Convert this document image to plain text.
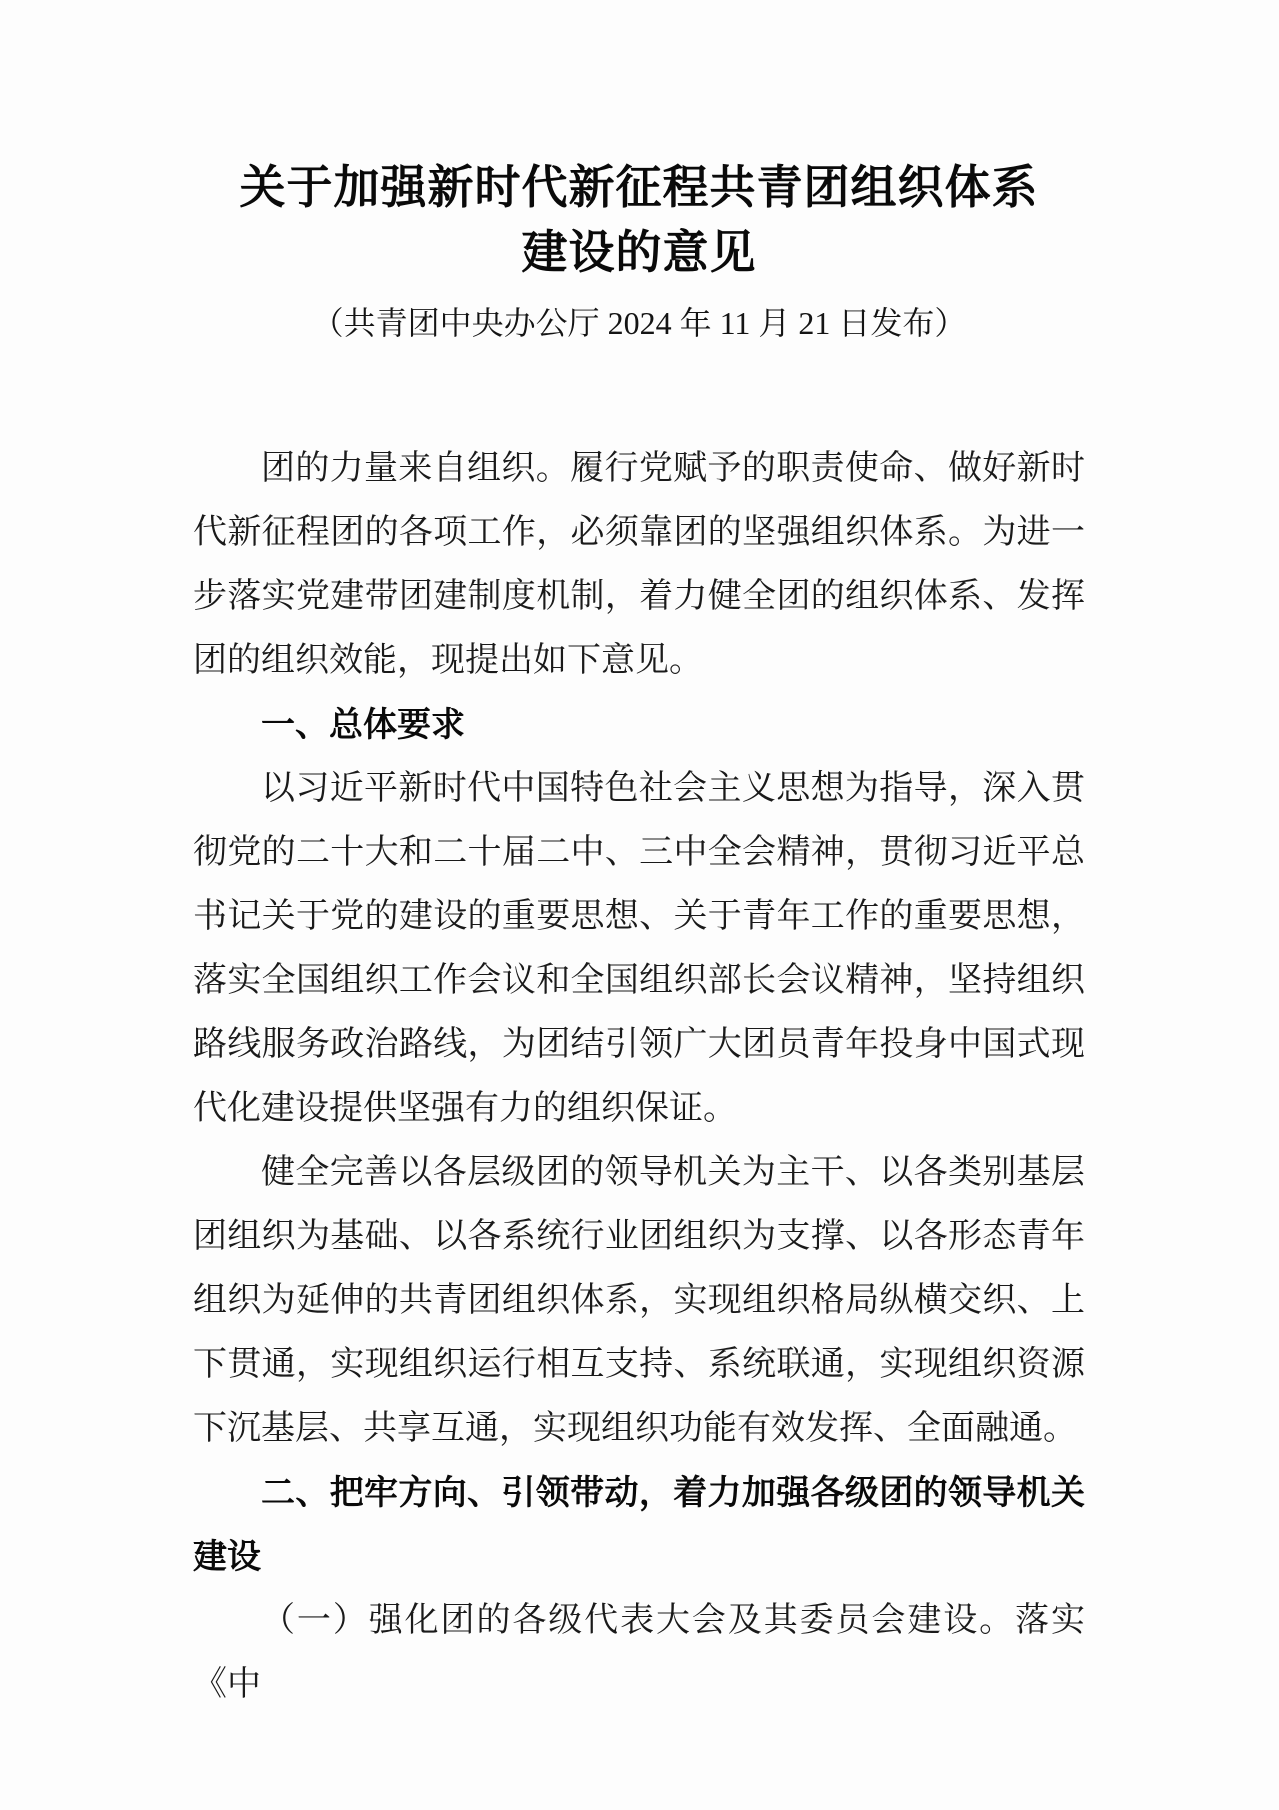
关于加强新时代新征程共青团组织体系
建设的意见
（共青团中央办公厅 2024 年 11 月 21 日发布）

团的力量来自组织。履行党赋予的职责使命、做好新时代新征程团的各项工作，必须靠团的坚强组织体系。为进一步落实党建带团建制度机制，着力健全团的组织体系、发挥团的组织效能，现提出如下意见。

一、总体要求

以习近平新时代中国特色社会主义思想为指导，深入贯彻党的二十大和二十届二中、三中全会精神，贯彻习近平总书记关于党的建设的重要思想、关于青年工作的重要思想，落实全国组织工作会议和全国组织部长会议精神，坚持组织路线服务政治路线，为团结引领广大团员青年投身中国式现代化建设提供坚强有力的组织保证。

健全完善以各层级团的领导机关为主干、以各类别基层团组织为基础、以各系统行业团组织为支撑、以各形态青年组织为延伸的共青团组织体系，实现组织格局纵横交织、上下贯通，实现组织运行相互支持、系统联通，实现组织资源下沉基层、共享互通，实现组织功能有效发挥、全面融通。

二、把牢方向、引领带动，着力加强各级团的领导机关建设

（一）强化团的各级代表大会及其委员会建设。落实《中
